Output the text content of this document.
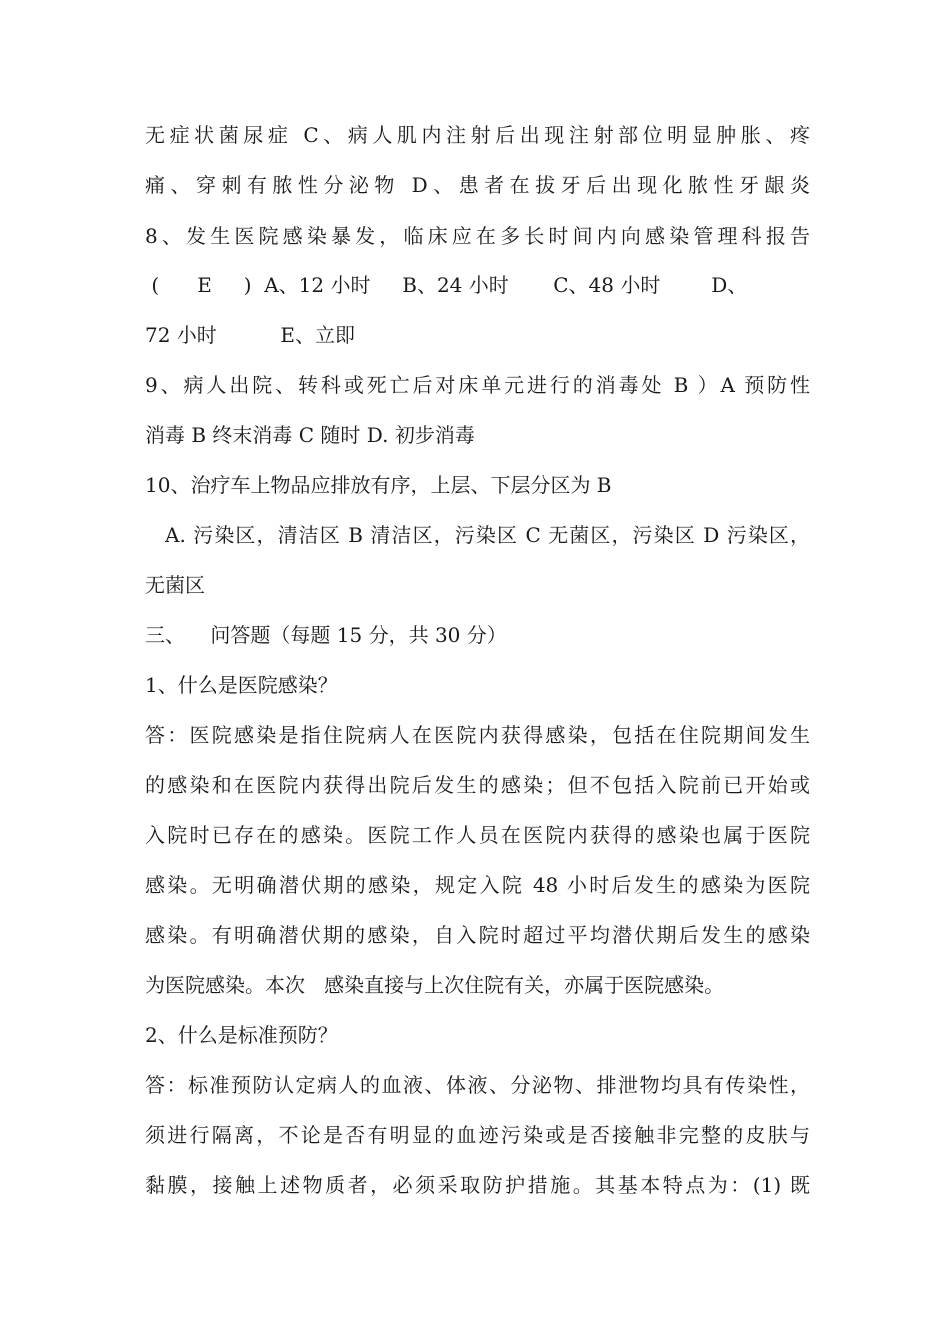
无症状菌尿症 C、病人肌内注射后出现注射部位明显肿胀、疼
痛、穿刺有脓性分泌物 D、患者在拔牙后出现化脓性牙龈炎
8、发生医院感染暴发，临床应在多长时间内向感染管理科报告
(      E     )  A、12 小时     B、24 小时       C、48 小时        D、
72 小时          E、立即
9、病人出院、转科或死亡后对床单元进行的消毒处 B ）A 预防性
消毒 B 终末消毒 C 随时 D. 初步消毒
10、治疗车上物品应排放有序，上层、下层分区为 B
A. 污染区，清洁区 B 清洁区，污染区 C 无菌区，污染区 D 污染区，
无菌区
三、    问答题（每题 15 分，共 30 分）
1、什么是医院感染？
答：医院感染是指住院病人在医院内获得感染，包括在住院期间发生
的感染和在医院内获得出院后发生的感染；但不包括入院前已开始或
入院时已存在的感染。医院工作人员在医院内获得的感染也属于医院
感染。无明确潜伏期的感染，规定入院 48 小时后发生的感染为医院
感染。有明确潜伏期的感染，自入院时超过平均潜伏期后发生的感染
为医院感染。本次   感染直接与上次住院有关，亦属于医院感染。
2、什么是标准预防？
答：标准预防认定病人的血液、体液、分泌物、排泄物均具有传染性，
须进行隔离，不论是否有明显的血迹污染或是否接触非完整的皮肤与
黏膜，接触上述物质者，必须采取防护措施。其基本特点为：(1) 既
